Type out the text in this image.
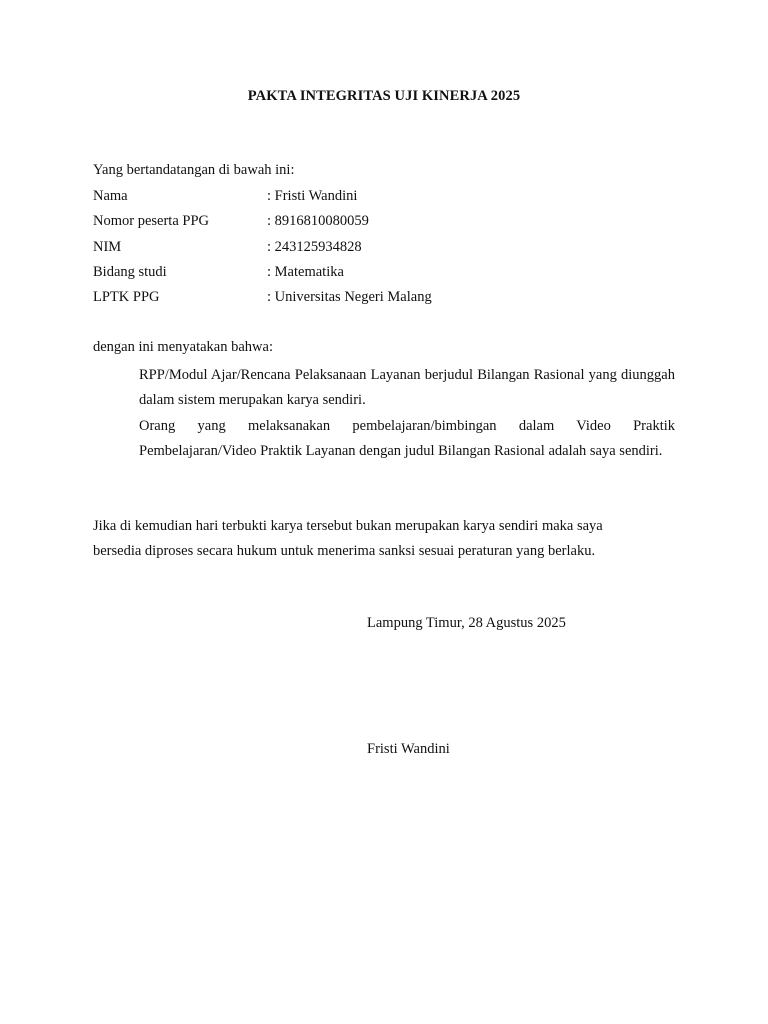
PAKTA INTEGRITAS UJI KINERJA 2025
Yang bertandatangan di bawah ini:
Nama	: Fristi Wandini
Nomor peserta PPG	: 8916810080059
NIM	: 243125934828
Bidang studi	: Matematika
LPTK PPG	: Universitas Negeri Malang
dengan ini menyatakan bahwa:

RPP/Modul Ajar/Rencana Pelaksanaan Layanan berjudul Bilangan Rasional yang diunggah dalam sistem merupakan karya sendiri.

Orang yang melaksanakan pembelajaran/bimbingan dalam Video Praktik Pembelajaran/Video Praktik Layanan dengan judul Bilangan Rasional adalah saya sendiri.

Jika di kemudian hari terbukti karya tersebut bukan merupakan karya sendiri maka saya
bersedia diproses secara hukum untuk menerima sanksi sesuai peraturan yang berlaku.
Lampung Timur, 28 Agustus 2025
Fristi Wandini
